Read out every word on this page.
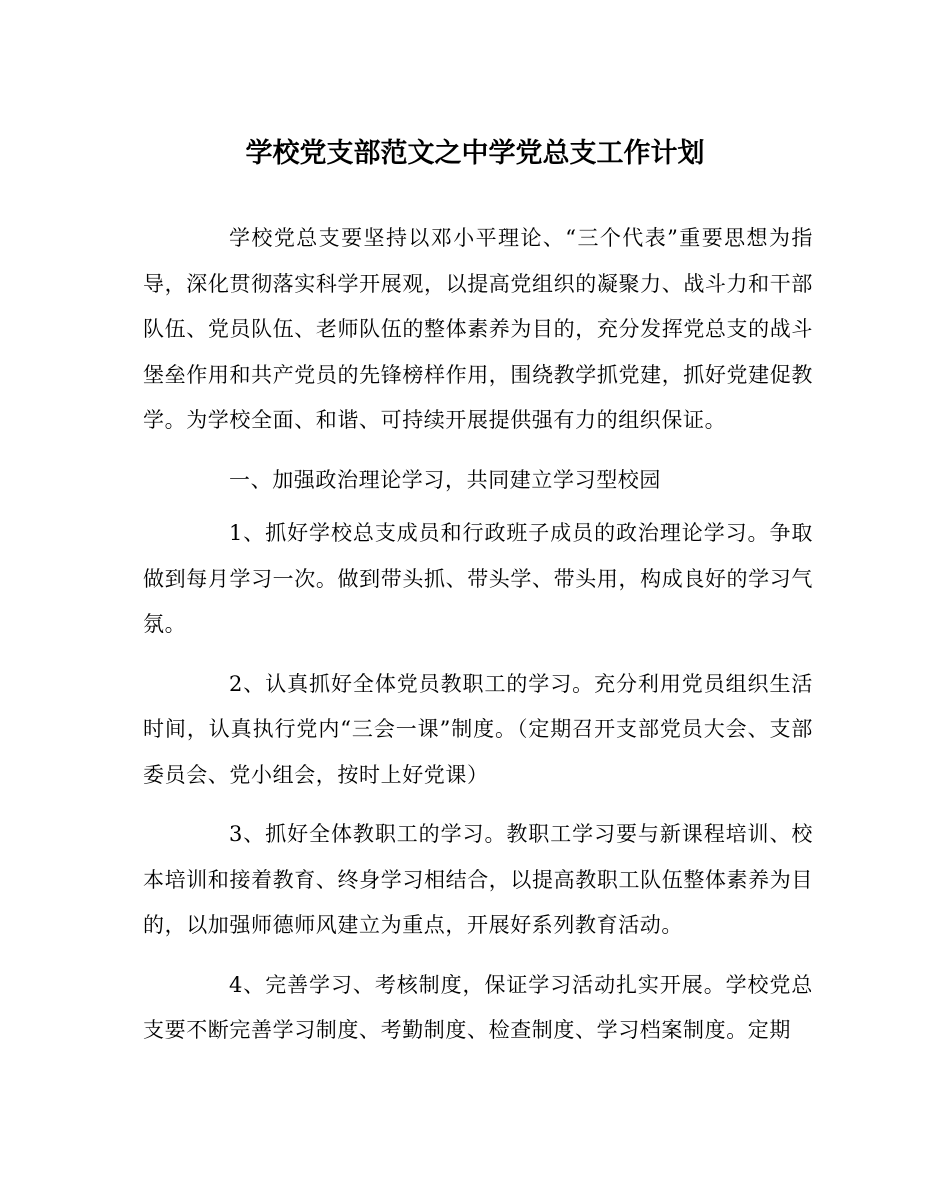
学校党支部范文之中学党总支工作计划

学校党总支要坚持以邓小平理论、“三个代表”重要思想为指导，深化贯彻落实科学开展观，以提高党组织的凝聚力、战斗力和干部队伍、党员队伍、老师队伍的整体素养为目的，充分发挥党总支的战斗堡垒作用和共产党员的先锋榜样作用，围绕教学抓党建，抓好党建促教学。为学校全面、和谐、可持续开展提供强有力的组织保证。

一、加强政治理论学习，共同建立学习型校园

1、抓好学校总支成员和行政班子成员的政治理论学习。争取做到每月学习一次。做到带头抓、带头学、带头用，构成良好的学习气氛。

2、认真抓好全体党员教职工的学习。充分利用党员组织生活时间，认真执行党内“三会一课”制度。（定期召开支部党员大会、支部委员会、党小组会，按时上好党课）

3、抓好全体教职工的学习。教职工学习要与新课程培训、校本培训和接着教育、终身学习相结合，以提高教职工队伍整体素养为目的，以加强师德师风建立为重点，开展好系列教育活动。

4、完善学习、考核制度，保证学习活动扎实开展。学校党总支要不断完善学习制度、考勤制度、检查制度、学习档案制度。定期
